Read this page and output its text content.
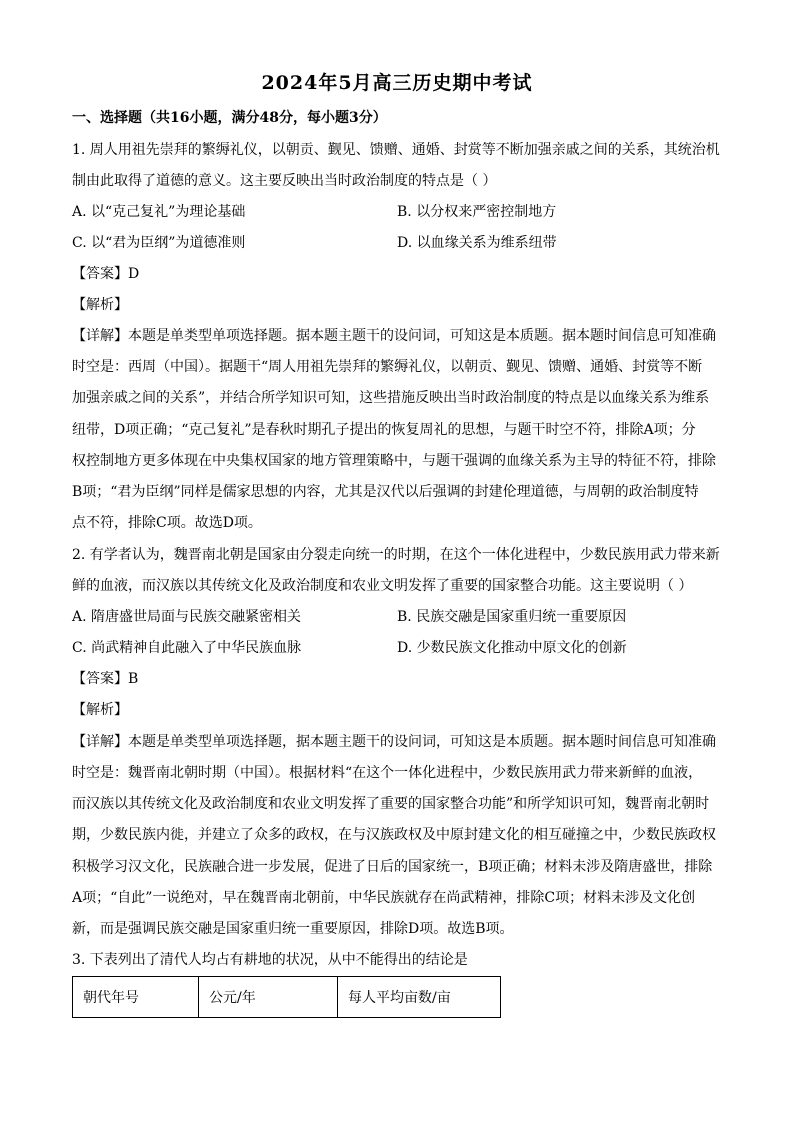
2024年5月高三历史期中考试
一、选择题（共16小题，满分48分，每小题3分）
1. 周人用祖先崇拜的繁缛礼仪，以朝贡、觐见、馈赠、通婚、封赏等不断加强亲戚之间的关系，其统治机
制由此取得了道德的意义。这主要反映出当时政治制度的特点是（ ）
A. 以“克己复礼”为理论基础	B. 以分权来严密控制地方
C. 以“君为臣纲”为道德准则	D. 以血缘关系为维系纽带
【答案】D
【解析】
【详解】本题是单类型单项选择题。据本题主题干的设问词，可知这是本质题。据本题时间信息可知准确
时空是：西周（中国）。据题干“周人用祖先崇拜的繁缛礼仪，以朝贡、觐见、馈赠、通婚、封赏等不断
加强亲戚之间的关系”，并结合所学知识可知，这些措施反映出当时政治制度的特点是以血缘关系为维系
纽带，D项正确；“克己复礼”是春秋时期孔子提出的恢复周礼的思想，与题干时空不符，排除A项；分
权控制地方更多体现在中央集权国家的地方管理策略中，与题干强调的血缘关系为主导的特征不符，排除
B项；“君为臣纲”同样是儒家思想的内容，尤其是汉代以后强调的封建伦理道德，与周朝的政治制度特
点不符，排除C项。故选D项。
2. 有学者认为，魏晋南北朝是国家由分裂走向统一的时期，在这个一体化进程中，少数民族用武力带来新
鲜的血液，而汉族以其传统文化及政治制度和农业文明发挥了重要的国家整合功能。这主要说明（ ）
A. 隋唐盛世局面与民族交融紧密相关	B. 民族交融是国家重归统一重要原因
C. 尚武精神自此融入了中华民族血脉	D. 少数民族文化推动中原文化的创新
【答案】B
【解析】
【详解】本题是单类型单项选择题，据本题主题干的设问词，可知这是本质题。据本题时间信息可知准确
时空是：魏晋南北朝时期（中国）。根据材料“在这个一体化进程中，少数民族用武力带来新鲜的血液，
而汉族以其传统文化及政治制度和农业文明发挥了重要的国家整合功能”和所学知识可知，魏晋南北朝时
期，少数民族内徙，并建立了众多的政权，在与汉族政权及中原封建文化的相互碰撞之中，少数民族政权
积极学习汉文化，民族融合进一步发展，促进了日后的国家统一，B项正确；材料未涉及隋唐盛世，排除
A项；“自此”一说绝对，早在魏晋南北朝前，中华民族就存在尚武精神，排除C项；材料未涉及文化创
新，而是强调民族交融是国家重归统一重要原因，排除D项。故选B项。
3. 下表列出了清代人均占有耕地的状况，从中不能得出的结论是
朝代年号	公元/年	每人平均亩数/亩
